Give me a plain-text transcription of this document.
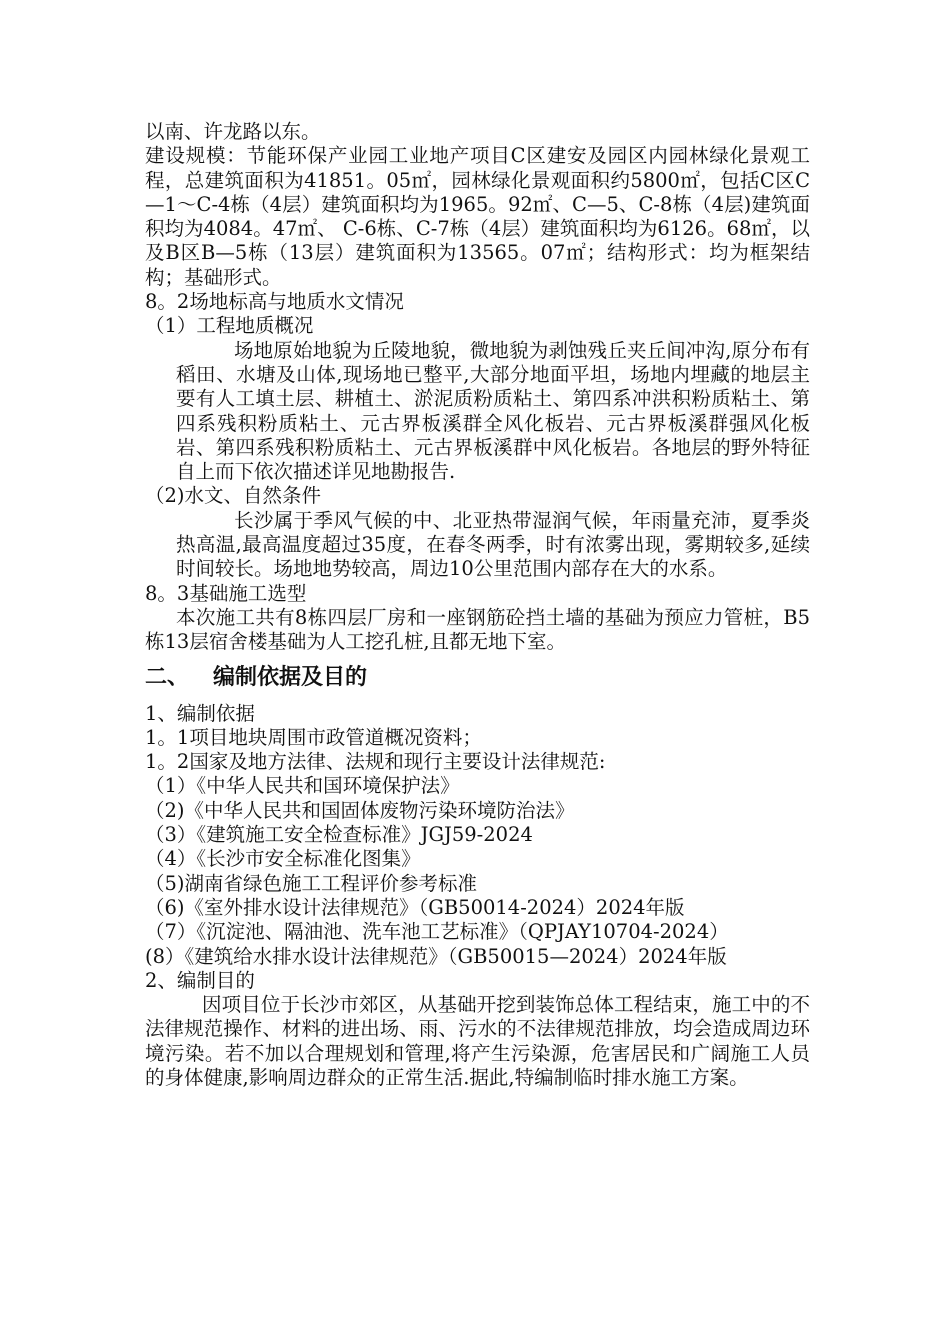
以南、许龙路以东。

建设规模：节能环保产业园工业地产项目C区建安及园区内园林绿化景观工程，总建筑面积为41851。05㎡，园林绿化景观面积约5800㎡，包括C区C—1～C-4栋（4层）建筑面积均为1965。92㎡、C—5、C-8栋（4层)建筑面积均为4084。47㎡、 C-6栋、C-7栋（4层）建筑面积均为6126。68㎡，以及B区B—5栋（13层）建筑面积为13565。07㎡；结构形式：均为框架结构；基础形式。

8。2场地标高与地质水文情况

（1）工程地质概况

场地原始地貌为丘陵地貌，微地貌为剥蚀残丘夹丘间冲沟,原分布有稻田、水塘及山体,现场地已整平,大部分地面平坦，场地内埋藏的地层主要有人工填土层、耕植土、淤泥质粉质粘土、第四系冲洪积粉质粘土、第四系残积粉质粘土、元古界板溪群全风化板岩、元古界板溪群强风化板岩、第四系残积粉质粘土、元古界板溪群中风化板岩。各地层的野外特征自上而下依次描述详见地勘报告.

（2)水文、自然条件

长沙属于季风气候的中、北亚热带湿润气候，年雨量充沛，夏季炎热高温,最高温度超过35度，在春冬两季，时有浓雾出现，雾期较多,延续时间较长。场地地势较高，周边10公里范围内部存在大的水系。

8。3基础施工选型

本次施工共有8栋四层厂房和一座钢筋砼挡土墙的基础为预应力管桩，B5栋13层宿舍楼基础为人工挖孔桩,且都无地下室。

二、 编制依据及目的

1、编制依据

1。1项目地块周围市政管道概况资料；

1。2国家及地方法律、法规和现行主要设计法律规范:

（1）《中华人民共和国环境保护法》

（2)《中华人民共和国固体废物污染环境防治法》

（3）《建筑施工安全检查标准》JGJ59-2024

（4）《长沙市安全标准化图集》

（5)湖南省绿色施工工程评价参考标准

（6)《室外排水设计法律规范》（GB50014-2024）2024年版

（7）《沉淀池、隔油池、洗车池工艺标准》（QPJAY10704-2024）

(8）《建筑给水排水设计法律规范》（GB50015—2024）2024年版

2、编制目的

因项目位于长沙市郊区，从基础开挖到装饰总体工程结束，施工中的不法律规范操作、材料的进出场、雨、污水的不法律规范排放，均会造成周边环境污染。若不加以合理规划和管理,将产生污染源，危害居民和广阔施工人员的身体健康,影响周边群众的正常生活.据此,特编制临时排水施工方案。
